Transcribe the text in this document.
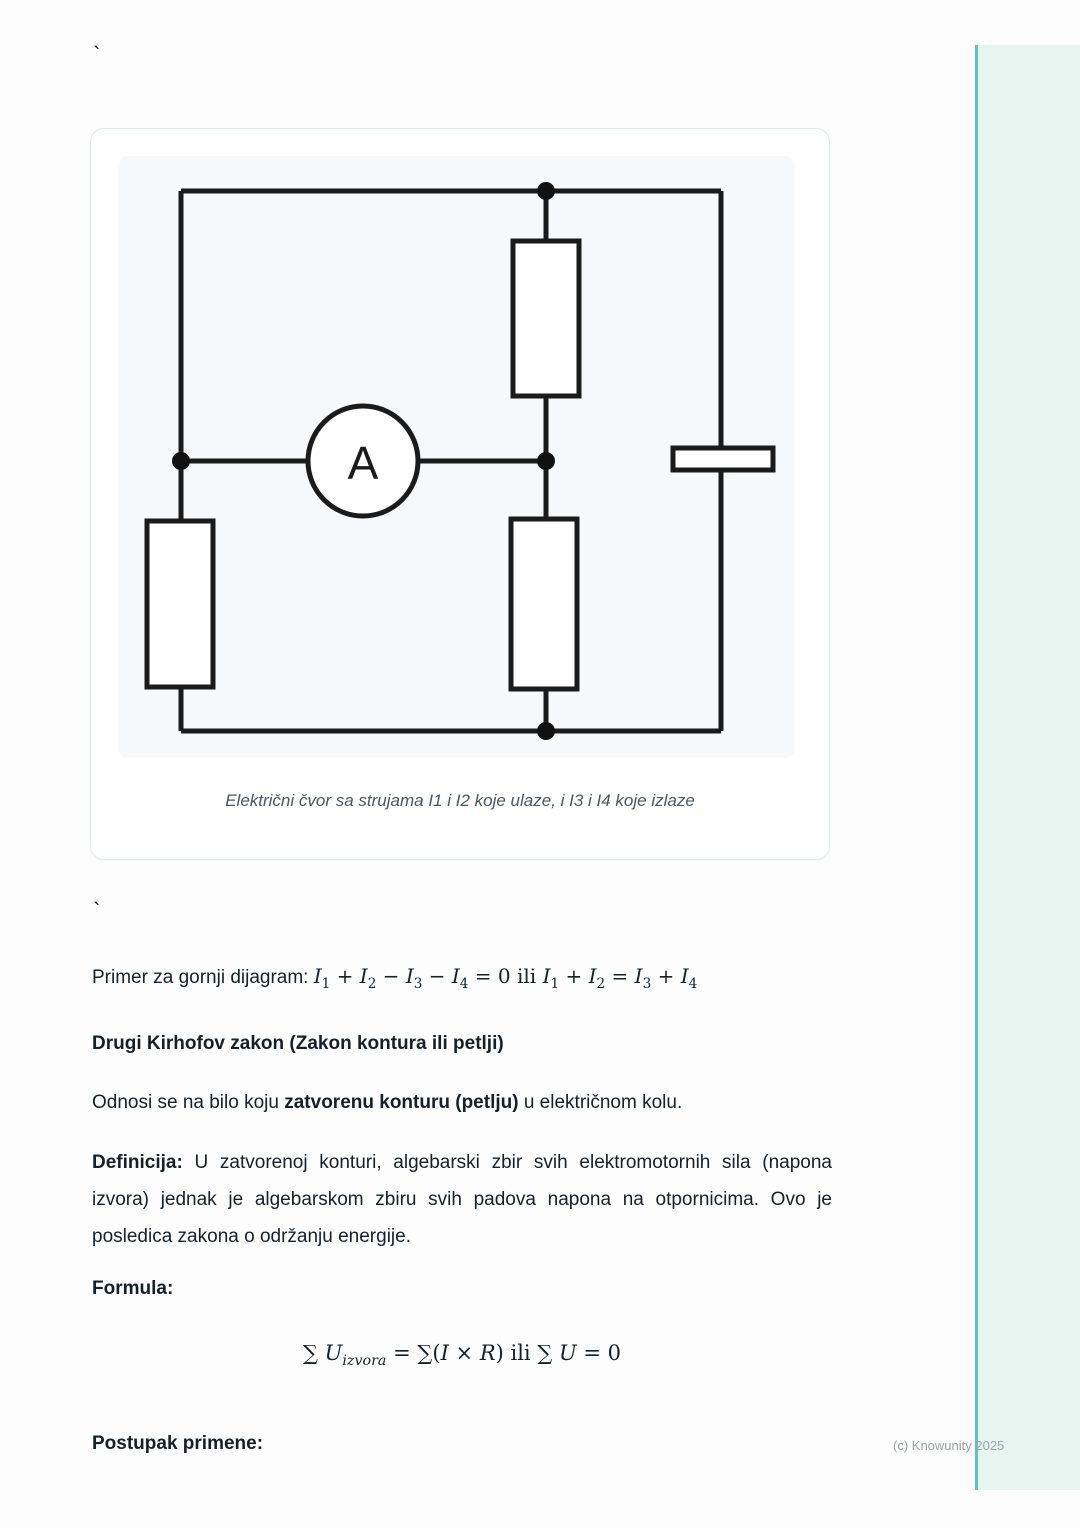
`
A
Električni čvor sa strujama I1 i I2 koje ulaze, i I3 i I4 koje izlaze
`
Primer za gornji dijagram: $I_1 + I_2 - I_3 - I_4 = 0$ ili $I_1 + I_2 = I_3 + I_4$
Drugi Kirhofov zakon (Zakon kontura ili petlji)
Odnosi se na bilo koju zatvorenu konturu (petlju) u električnom kolu.
Definicija: U zatvorenoj konturi, algebarski zbir svih elektromotornih sila (napona izvora) jednak je algebarskom zbiru svih padova napona na otpornicima. Ovo je posledica zakona o održanju energije.
Formula:
∑ $U_{izvora} = \sum(I \times R)$ ili ∑ U = 0
Postupak primene:	(c) Knowunity 2025
